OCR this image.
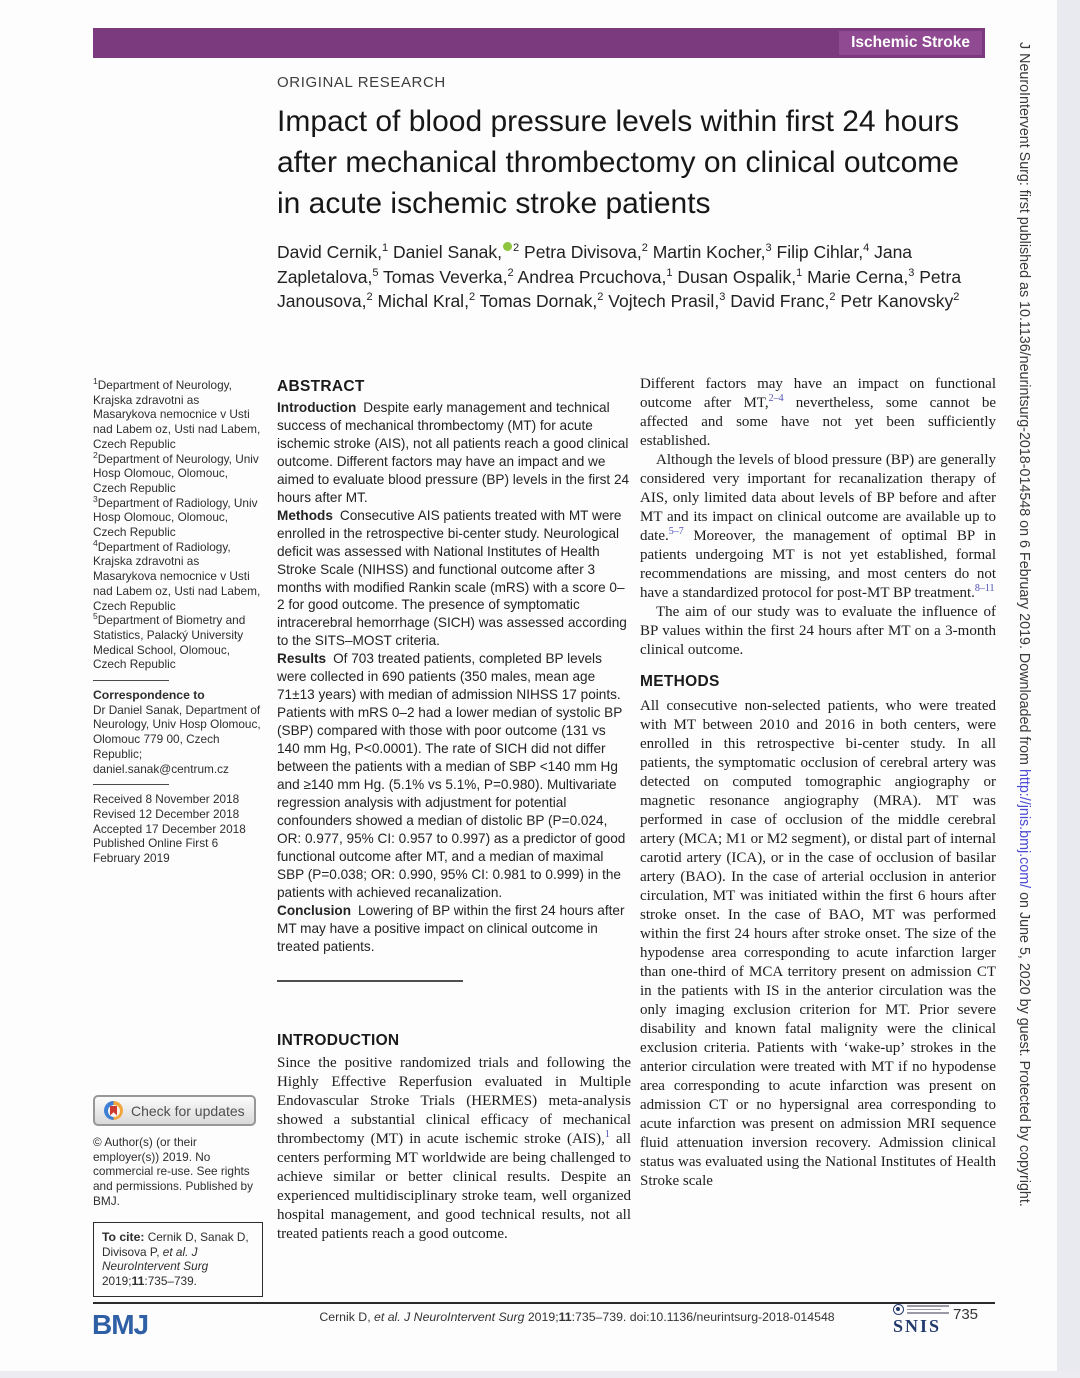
Ischemic Stroke
ORIGINAL RESEARCH
Impact of blood pressure levels within first 24 hours after mechanical thrombectomy on clinical outcome in acute ischemic stroke patients
David Cernik,$^1$ Daniel Sanak, $^2$ Petra Divisova,$^2$ Martin Kocher,$^3$ Filip Cihlar,$^4$ Jana Zapletalova,$^5$ Tomas Veverka,$^2$ Andrea Prcuchova,$^1$ Dusan Ospalik,$^1$ Marie Cerna,$^3$ Petra Janousova,$^2$ Michal Kral,$^2$ Tomas Dornak,$^2$ Vojtech Prasil,$^3$ David Franc,$^2$ Petr Kanovsky$^2$
$^1$Department of Neurology, Krajska zdravotni as Masarykova nemocnice v Usti nad Labem oz, Usti nad Labem, Czech Republic
$^2$Department of Neurology, Univ Hosp Olomouc, Olomouc, Czech Republic
$^3$Department of Radiology, Univ Hosp Olomouc, Olomouc, Czech Republic
$^4$Department of Radiology, Krajska zdravotni as Masarykova nemocnice v Usti nad Labem oz, Usti nad Labem, Czech Republic
$^5$Department of Biometry and Statistics, Palacký University Medical School, Olomouc, Czech Republic
Correspondence to
Dr Daniel Sanak, Department of Neurology, Univ Hosp Olomouc, Olomouc 779 00, Czech Republic; daniel.sanak@centrum.cz
Received 8 November 2018
Revised 12 December 2018
Accepted 17 December 2018
Published Online First 6 February 2019
Check for updates
© Author(s) (or their employer(s)) 2019. No commercial re-use. See rights and permissions. Published by BMJ.
To cite: Cernik D, Sanak D, Divisova P, et al. J NeuroIntervent Surg 2019;11:735–739.
ABSTRACT

Introduction Despite early management and technical success of mechanical thrombectomy (MT) for acute ischemic stroke (AIS), not all patients reach a good clinical outcome. Different factors may have an impact and we aimed to evaluate blood pressure (BP) levels in the first 24 hours after MT.

Methods Consecutive AIS patients treated with MT were enrolled in the retrospective bi-center study. Neurological deficit was assessed with National Institutes of Health Stroke Scale (NIHSS) and functional outcome after 3 months with modified Rankin scale (mRS) with a score 0–2 for good outcome. The presence of symptomatic intracerebral hemorrhage (SICH) was assessed according to the SITS–MOST criteria.

Results Of 703 treated patients, completed BP levels were collected in 690 patients (350 males, mean age 71±13 years) with median of admission NIHSS 17 points. Patients with mRS 0–2 had a lower median of systolic BP (SBP) compared with those with poor outcome (131 vs 140 mm Hg, P<0.0001). The rate of SICH did not differ between the patients with a median of SBP <140 mm Hg and ≥140 mm Hg. (5.1% vs 5.1%, P=0.980). Multivariate regression analysis with adjustment for potential confounders showed a median of distolic BP (P=0.024, OR: 0.977, 95% CI: 0.957 to 0.997) as a predictor of good functional outcome after MT, and a median of maximal SBP (P=0.038; OR: 0.990, 95% CI: 0.981 to 0.999) in the patients with achieved recanalization.

Conclusion Lowering of BP within the first 24 hours after MT may have a positive impact on clinical outcome in treated patients.

INTRODUCTION

Since the positive randomized trials and following the Highly Effective Reperfusion evaluated in Multiple Endovascular Stroke Trials (HERMES) meta-analysis showed a substantial clinical efficacy of mechanical thrombectomy (MT) in acute ischemic stroke (AIS),$^1$ all centers performing MT worldwide are being challenged to achieve similar or better clinical results. Despite an experienced multidisciplinary stroke team, well organized hospital management, and good technical results, not all treated patients reach a good outcome.

Different factors may have an impact on functional outcome after MT,$^{2-4}$ nevertheless, some cannot be affected and some have not yet been sufficiently established.

Although the levels of blood pressure (BP) are generally considered very important for recanalization therapy of AIS, only limited data about levels of BP before and after MT and its impact on clinical outcome are available up to date.$^{5-7}$ Moreover, the management of optimal BP in patients undergoing MT is not yet established, formal recommendations are missing, and most centers do not have a standardized protocol for post-MT BP treatment.$^{8-11}$

The aim of our study was to evaluate the influence of BP values within the first 24 hours after MT on a 3-month clinical outcome.

METHODS

All consecutive non-selected patients, who were treated with MT between 2010 and 2016 in both centers, were enrolled in this retrospective bi-center study. In all patients, the symptomatic occlusion of cerebral artery was detected on computed tomographic angiography or magnetic resonance angiography (MRA). MT was performed in case of occlusion of the middle cerebral artery (MCA; M1 or M2 segment), or distal part of internal carotid artery (ICA), or in the case of occlusion of basilar artery (BAO). In the case of arterial occlusion in anterior circulation, MT was initiated within the first 6 hours after stroke onset. In the case of BAO, MT was performed within the first 24 hours after stroke onset. The size of the hypodense area corresponding to acute infarction larger than one-third of MCA territory present on admission CT in the patients with IS in the anterior circulation was the only imaging exclusion criterion for MT. Prior severe disability and known fatal malignity were the clinical exclusion criteria. Patients with ‘wake-up’ strokes in the anterior circulation were treated with MT if no hypodense area corresponding to acute infarction was present on admission CT or no hypersignal area corresponding to acute infarction was present on admission MRI sequence fluid attenuation inversion recovery. Admission clinical status was evaluated using the National Institutes of Health Stroke scale

BMJ	Cernik D, et al. J NeuroIntervent Surg 2019;11:735–739. doi:10.1136/neurintsurg-2018-014548	SNIS
735
J NeuroIntervent Surg: first published as 10.1136/neurintsurg-2018-014548 on 6 February 2019. Downloaded from http://jnis.bmj.com/ on June 5, 2020 by guest. Protected by copyright.
